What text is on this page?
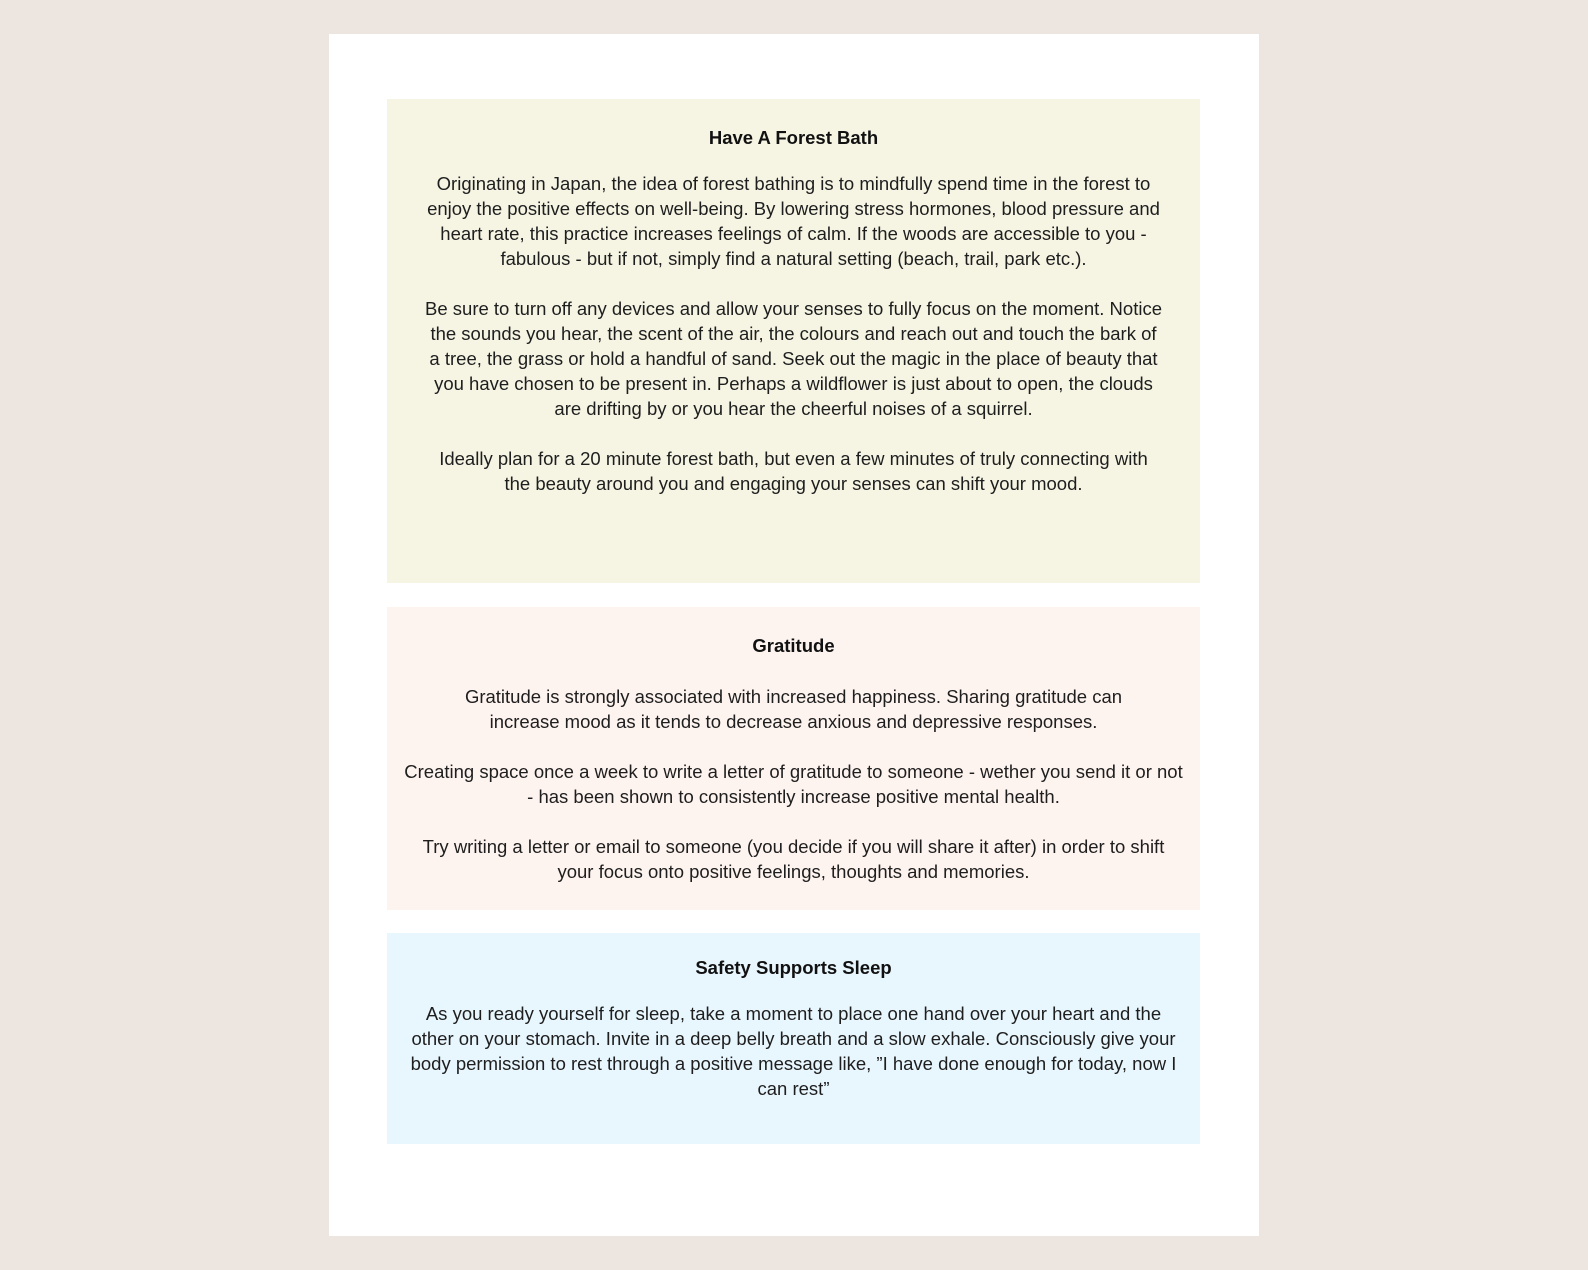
Have A Forest Bath

Originating in Japan, the idea of forest bathing is to mindfully spend time in the forest to enjoy the positive effects on well-being. By lowering stress hormones, blood pressure and heart rate, this practice increases feelings of calm. If the woods are accessible to you - fabulous - but if not, simply find a natural setting (beach, trail, park etc.).

Be sure to turn off any devices and allow your senses to fully focus on the moment. Notice the sounds you hear, the scent of the air, the colours and reach out and touch the bark of a tree, the grass or hold a handful of sand. Seek out the magic in the place of beauty that you have chosen to be present in. Perhaps a wildflower is just about to open, the clouds are drifting by or you hear the cheerful noises of a squirrel.

Ideally plan for a 20 minute forest bath, but even a few minutes of truly connecting with the beauty around you and engaging your senses can shift your mood.

Gratitude

Gratitude is strongly associated with increased happiness. Sharing gratitude can increase mood as it tends to decrease anxious and depressive responses.

Creating space once a week to write a letter of gratitude to someone - wether you send it or not - has been shown to consistently increase positive mental health.

Try writing a letter or email to someone (you decide if you will share it after) in order to shift your focus onto positive feelings, thoughts and memories.

Safety Supports Sleep

As you ready yourself for sleep, take a moment to place one hand over your heart and the other on your stomach. Invite in a deep belly breath and a slow exhale. Consciously give your body permission to rest through a positive message like, ”I have done enough for today, now I can rest”
